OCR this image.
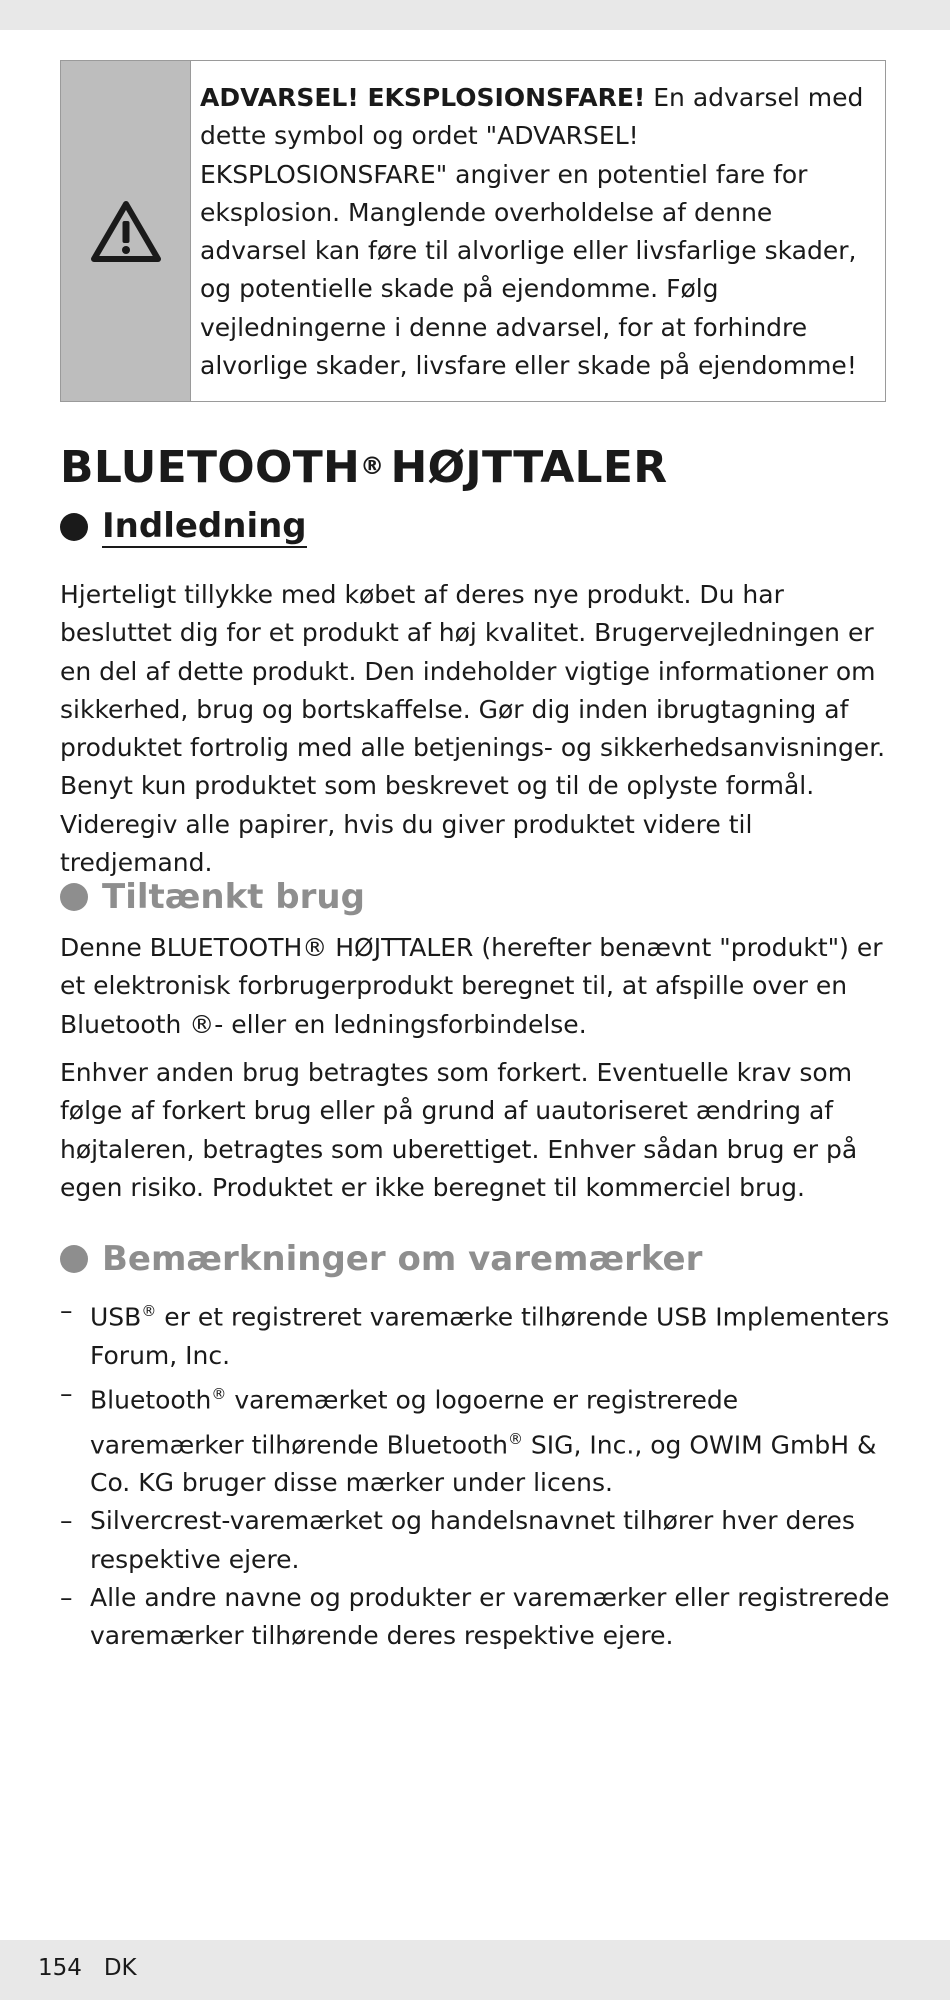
ADVARSEL! EKSPLOSIONSFARE! En advarsel med dette symbol og ordet "ADVARSEL! EKSPLOSIONSFARE" angiver en potentiel fare for eksplosion. Manglende overholdelse af denne advarsel kan føre til alvorlige eller livsfarlige skader, og potentielle skade på ejendomme. Følg vejledningerne i denne advarsel, for at forhindre alvorlige skader, livsfare eller skade på ejendomme!
BLUETOOTH® HØJTTALER
Indledning

Hjerteligt tillykke med købet af deres nye produkt. Du har besluttet dig for et produkt af høj kvalitet. Brugervejledningen er en del af dette produkt. Den indeholder vigtige informationer om sikkerhed, brug og bortskaffelse. Gør dig inden ibrugtagning af produktet fortrolig med alle betjenings- og sikkerhedsanvisninger. Benyt kun produktet som beskrevet og til de oplyste formål. Videregiv alle papirer, hvis du giver produktet videre til tredjemand.

Tiltænkt brug

Denne BLUETOOTH® HØJTTALER (herefter benævnt "produkt") er et elektronisk forbrugerprodukt beregnet til, at afspille over en Bluetooth ®- eller en ledningsforbindelse.

Enhver anden brug betragtes som forkert. Eventuelle krav som følge af forkert brug eller på grund af uautoriseret ændring af højtaleren, betragtes som uberettiget. Enhver sådan brug er på egen risiko. Produktet er ikke beregnet til kommerciel brug.

Bemærkninger om varemærker
– USB® er et registreret varemærke tilhørende USB Implementers Forum, Inc.
– Bluetooth® varemærket og logoerne er registrerede varemærker tilhørende Bluetooth® SIG, Inc., og OWIM GmbH & Co. KG bruger disse mærker under licens.
– Silvercrest-varemærket og handelsnavnet tilhører hver deres respektive ejere.
– Alle andre navne og produkter er varemærker eller registrerede varemærker tilhørende deres respektive ejere.
154 DK
